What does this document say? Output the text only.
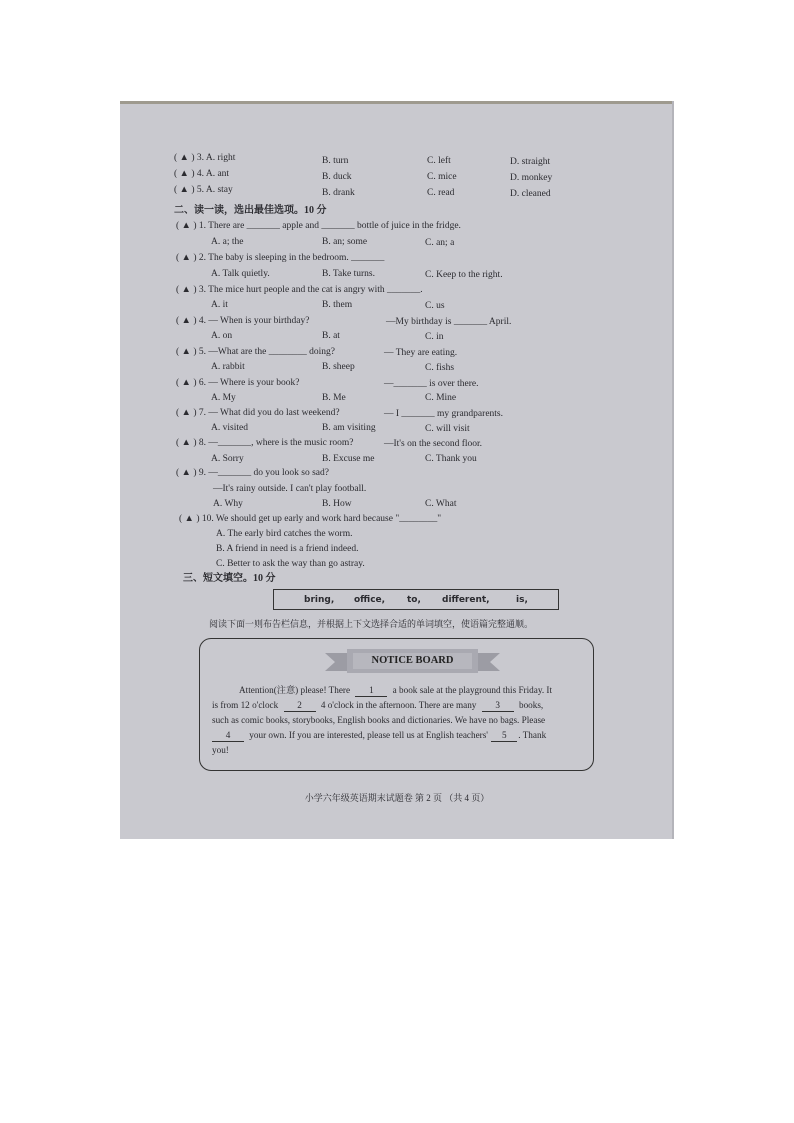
( ▲ ) 3. A. right	B. turn	C. left	D. straight
( ▲ ) 4. A. ant	B. duck	C. mice	D. monkey
( ▲ ) 5. A. stay	B. drank	C. read	D. cleaned
二、读一读，选出最佳选项。10 分
( ▲ ) 1. There are _______ apple and _______ bottle of juice in the fridge.
A. a; the	B. an; some	C. an; a
( ▲ ) 2. The baby is sleeping in the bedroom. _______
A. Talk quietly.	B. Take turns.	C. Keep to the right.
( ▲ ) 3. The mice hurt people and the cat is angry with _______.
A. it	B. them	C. us
( ▲ ) 4. — When is your birthday?	—My birthday is _______ April.
A. on	B. at	C. in
( ▲ ) 5. —What are the ________ doing?	— They are eating.
A. rabbit	B. sheep	C. fishs
( ▲ ) 6. — Where is your book?	—_______ is over there.
A. My	B. Me	C. Mine
( ▲ ) 7. — What did you do last weekend?	— I _______ my grandparents.
A. visited	B. am visiting	C. will visit
( ▲ ) 8. —_______, where is the music room?	—It's on the second floor.
A. Sorry	B. Excuse me	C. Thank you
( ▲ ) 9. —_______ do you look so sad?
—It's rainy outside. I can't play football.
A. Why	B. How	C. What
( ▲ ) 10. We should get up early and work hard because "________"
A. The early bird catches the worm.
B. A friend in need is a friend indeed.
C. Better to ask the way than go astray.
三、短文填空。10 分
bring, office, to, different,	is,
阅读下面一则布告栏信息，并根据上下文选择合适的单词填空，使语篇完整通顺。
NOTICE BOARD
Attention(注意) please! There 1 a book sale at the playground this Friday. It
is from 12 o'clock 2 4 o'clock in the afternoon. There are many 3 books,
such as comic books, storybooks, English books and dictionaries. We have no bags. Please
4 your own. If you are interested, please tell us at English teachers' 5 . Thank
you!
小学六年级英语期末试题卷 第 2 页 （共 4 页）
